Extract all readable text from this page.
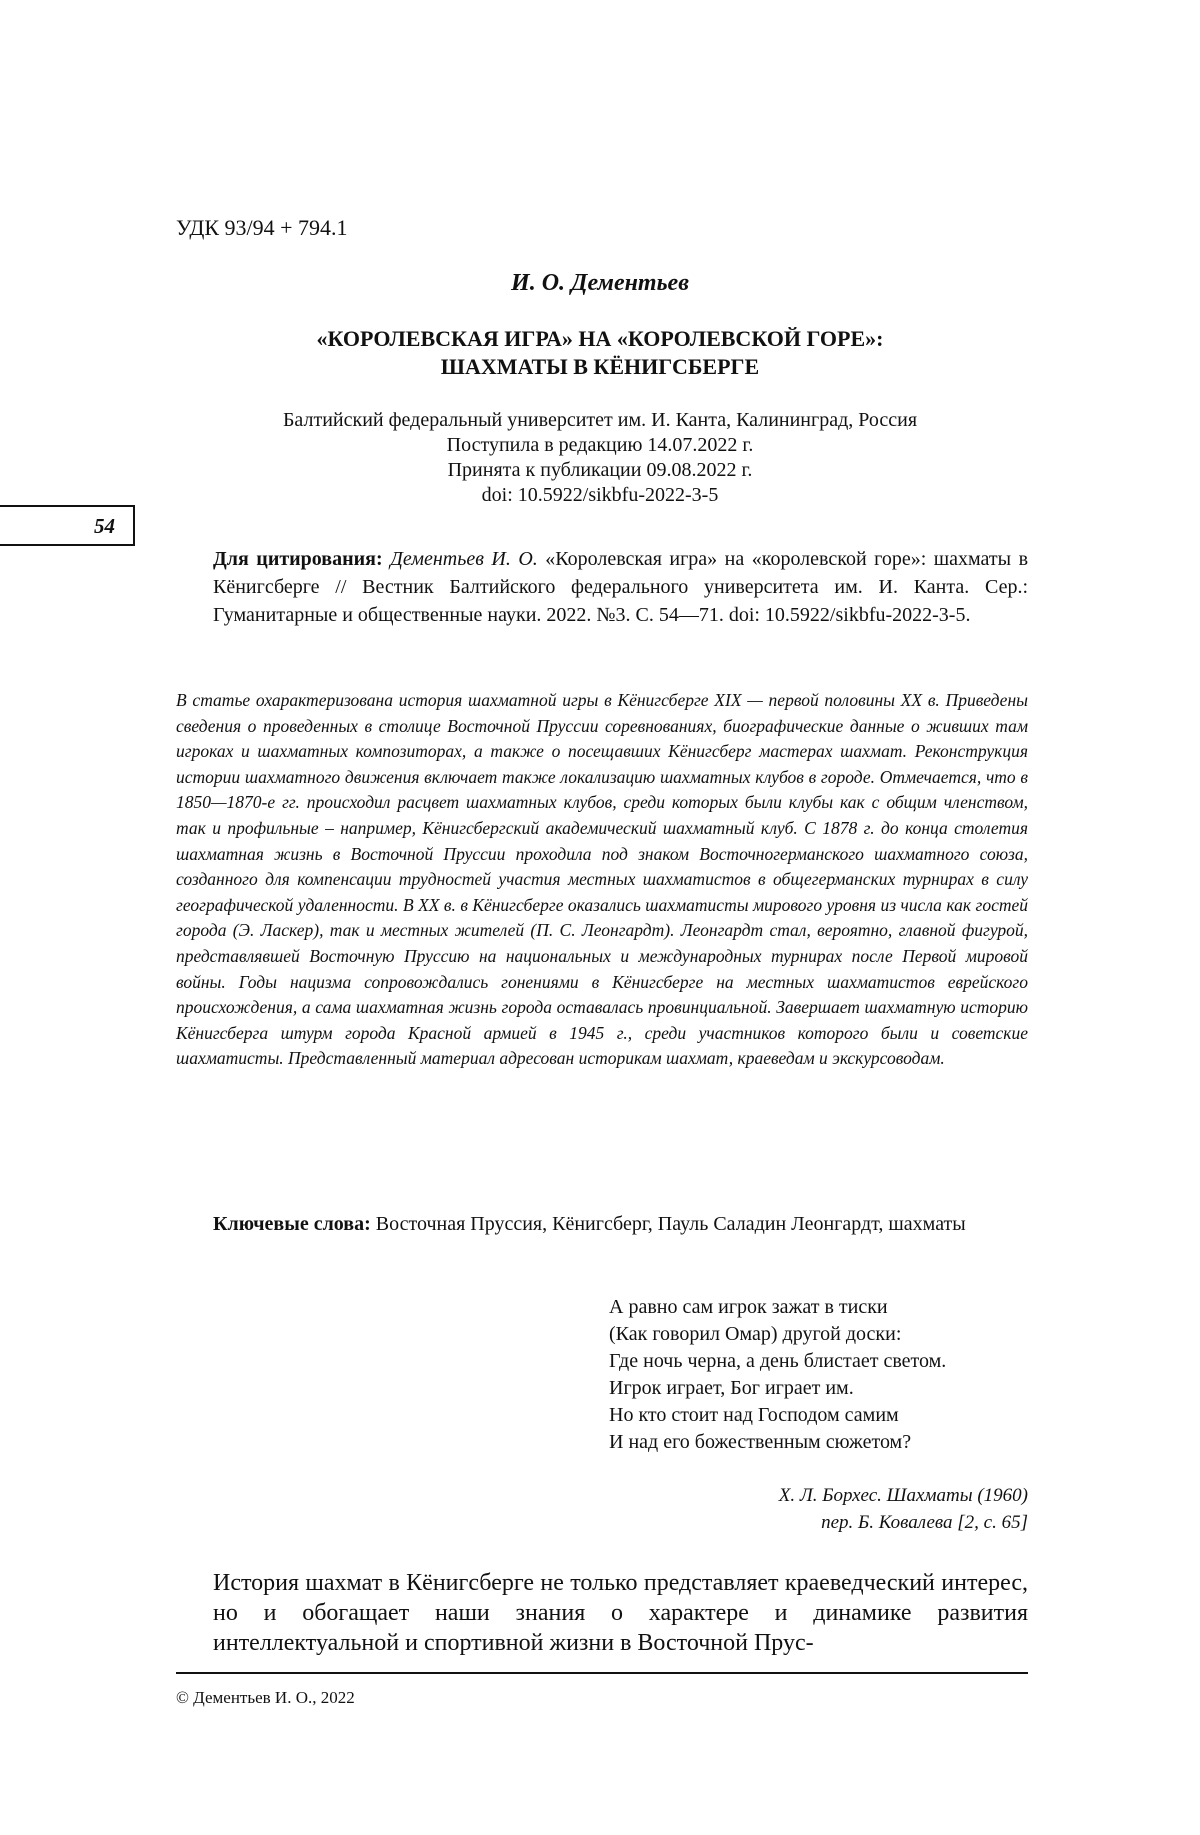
УДК 93/94 + 794.1
И. О. Дементьев
«КОРОЛЕВСКАЯ ИГРА» НА «КОРОЛЕВСКОЙ ГОРЕ»:
ШАХМАТЫ В КЁНИГСБЕРГЕ
Балтийский федеральный университет им. И. Канта, Калининград, Россия
Поступила в редакцию 14.07.2022 г.
Принята к публикации 09.08.2022 г.
doi: 10.5922/sikbfu-2022-3-5
54
Для цитирования: Дементьев И. О. «Королевская игра» на «королевской горе»: шахматы в Кёнигсберге // Вестник Балтийского федерального университета им. И. Канта. Сер.: Гуманитарные и общественные науки. 2022. №3. С. 54—71. doi: 10.5922/sikbfu-2022-3-5.
В статье охарактеризована история шахматной игры в Кёнигсберге XIX — первой половины XX в. Приведены сведения о проведенных в столице Восточной Пруссии соревнованиях, биографические данные о живших там игроках и шахматных композиторах, а также о посещавших Кёнигсберг мастерах шахмат. Реконструкция истории шахматного движения включает также локализацию шахматных клубов в городе. Отмечается, что в 1850—1870-е гг. происходил расцвет шахматных клубов, среди которых были клубы как с общим членством, так и профильные – например, Кёнигсбергский академический шахматный клуб. С 1878 г. до конца столетия шахматная жизнь в Восточной Пруссии проходила под знаком Восточногерманского шахматного союза, созданного для компенсации трудностей участия местных шахматистов в общегерманских турнирах в силу географической удаленности. В XX в. в Кёнигсберге оказались шахматисты мирового уровня из числа как гостей города (Э. Ласкер), так и местных жителей (П. С. Леонгардт). Леонгардт стал, вероятно, главной фигурой, представлявшей Восточную Пруссию на национальных и международных турнирах после Первой мировой войны. Годы нацизма сопровождались гонениями в Кёнигсберге на местных шахматистов еврейского происхождения, а сама шахматная жизнь города оставалась провинциальной. Завершает шахматную историю Кёнигсберга штурм города Красной армией в 1945 г., среди участников которого были и советские шахматисты. Представленный материал адресован историкам шахмат, краеведам и экскурсоводам.
Ключевые слова: Восточная Пруссия, Кёнигсберг, Пауль Саладин Леонгардт, шахматы
А равно сам игрок зажат в тиски
(Как говорил Омар) другой доски:
Где ночь черна, а день блистает светом.
Игрок играет, Бог играет им.
Но кто стоит над Господом самим
И над его божественным сюжетом?
Х. Л. Борхес. Шахматы (1960)
пер. Б. Ковалева [2, с. 65]
История шахмат в Кёнигсберге не только представляет краеведческий интерес, но и обогащает наши знания о характере и динамике развития интеллектуальной и спортивной жизни в Восточной Прус-
© Дементьев И. О., 2022
